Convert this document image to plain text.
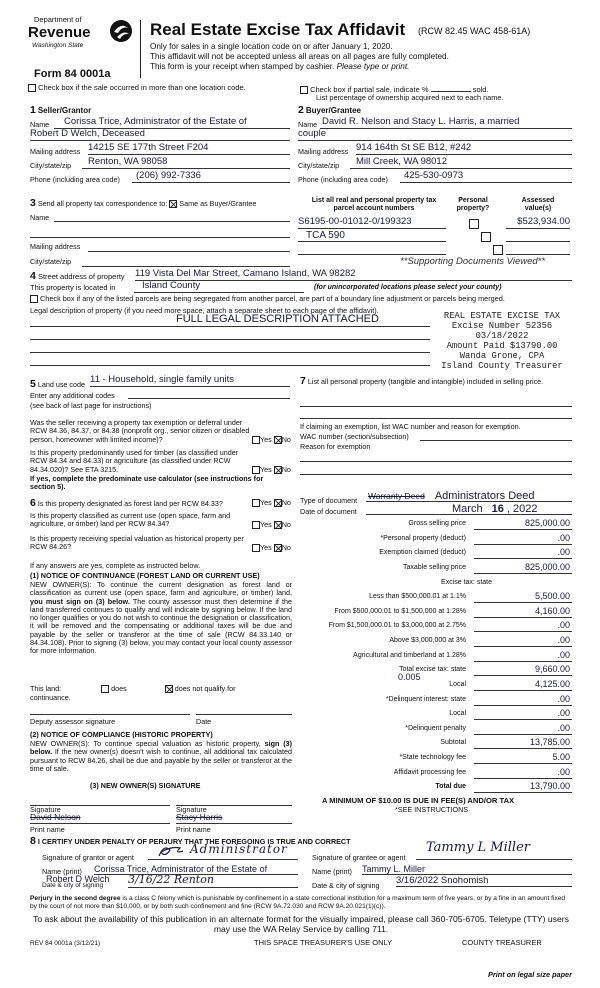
Department of
Revenue
Washington State
Form 84 0001a
Real Estate Excise Tax Affidavit (RCW 82.45 WAC 458-61A)
Only for sales in a single location code on or after January 1, 2020.
This affidavit will not be accepted unless all areas on all pages are fully completed.
This form is your receipt when stamped by cashier. Please type or print.
Check box if the sale occurred in more than one location code.	Check box if partial sale, indicate %	sold.
List percentage of ownership acquired next to each name.
1 Seller/Grantor
Name	Corissa Trice, Administrator of the Estate of
Robert D Welch, Deceased
Mailing address 14215 SE 177th Street F204
City/state/zip	Renton, WA 98058
Phone (including area code)	(206) 992-7336
2 Buyer/Grantee
Name David R. Nelson and Stacy L. Harris, a married
couple
Mailing address 914 164th St SE B12, #242
City/state/zip	Mill Creek, WA 98012
Phone (including area code)	425-530-0973
3 Send all property tax correspondence to: Same as Buyer/Grantee
Name
Mailing address
City/state/zip
List all real and personal property tax parcel account numbers
Personal property?
Assessed value(s)
S6195-00-01012-0/199323
TCA 590

$523,934.00
**Supporting Documents Viewed**
4 Street address of property 119 Vista Del Mar Street, Camano Island, WA 98282
This property is located in	Island County	(for unincorporated locations please select your county)
Check box if any of the listed parcels are being segregated from another parcel, are part of a boundary line adjustment or parcels being merged.
Legal description of property (if you need more space, attach a separate sheet to each page of the affidavit).
FULL LEGAL DESCRIPTION ATTACHED	REAL ESTATE EXCISE TAX
Excise Number 52356
03/18/2022
Amount Paid $13790.00
Wanda Grone, CPA
Island County Treasurer
5 Land use code 11 - Household, single family units
Enter any additional codes
(see back of last page for instructions)
Was the seller receiving a property tax exemption or deferral under RCW 84.36, 84.37, or 84.38 (nonprofit org., senior citizen or disabled person, homeowner with limited income)?	Yes No
Is this property predominantly used for timber (as classified under RCW 84.34 and 84.33) or agriculture (as classified under RCW 84.34.020)? See ETA 3215.	Yes No
If yes, complete the predominate use calculator (see instructions for section 5).
6 Is this property designated as forest land per RCW 84.33?	Yes No
Is this property classified as current use (open space, farm and agriculture, or timber) land per RCW 84.34?	Yes No
Is this property receiving special valuation as historical property per RCW 84.26?	Yes No
If any answers are yes, complete as instructed below.
(1) NOTICE OF CONTINUANCE (FOREST LAND OR CURRENT USE)
NEW OWNER(S): To continue the current designation as forest land or classification as current use (open space, farm and agriculture, or timber) land, you must sign on (3) below. The county assessor must then determine if the land transferred continues to qualify and will indicate by signing below. If the land no longer qualifies or you do not wish to continue the designation or classification, it will be removed and the compensating or additional taxes will be due and payable by the seller or transferor at the time of sale (RCW 84.33.140 or 84.34.108). Prior to signing (3) below, you may contact your local county assessor for more information.
This land:	does	does not qualify for
continuance.
Deputy assessor signature	Date
(2) NOTICE OF COMPLIANCE (HISTORIC PROPERTY)
NEW OWNER(S): To continue special valuation as historic property, sign (3) below. If the new owner(s) doesn't wish to continue, all additional tax calculated pursuant to RCW 84.26, shall be due and payable by the seller or transferor at the time of sale.
(3) NEW OWNER(S) SIGNATURE
Signature	Signature
David Nelson	Stacy Harris
Print name	Print name
7 List all personal property (tangible and intangible) included in selling price.
If claiming an exemption, list WAC number and reason for exemption.
WAC number (section/subsection)
Reason for exemption
Type of document Warranty Deed Administrators Deed
Date of document	March 16 , 2022
Gross selling price	825,000.00
*Personal property (deduct)	.00
Exemption claimed (deduct)	.00
Taxable selling price	825,000.00
Excise tax: state
Less than $500,000.01 at 1.1%	5,500.00
From $500,000.01 to $1,500,000 at 1.28%	4,160.00
From $1,500,000.01 to $3,000,000 at 2.75%	.00
Above $3,000,000 at 3%	.00
Agricultural and timberland at 1.28%	.00
Total excise tax: state	9,660.00
Local	4,125.00
*Delinquent interest: state	.00
Local	.00
*Delinquent penalty	.00
Subtotal	13,785.00
*State technology fee	5.00
Affidavit processing fee	.00
Total due	13,790.00
0.005
A MINIMUM OF $10.00 IS DUE IN FEE(S) AND/OR TAX
*SEE INSTRUCTIONS
8 I CERTIFY UNDER PENALTY OF PERJURY THAT THE FOREGOING IS TRUE AND CORRECT
Signature of grantor or agent
Administrator
Signature of grantee or agent
Tammy L Miller
Name (print) Corissa Trice, Administrator of the Estate of
Robert D Welch
Date & city of signing 3/16/22 Renton
Name (print) Tammy L. Miller
Date & city of signing 3/16/2022 Snohomish
Perjury in the second degree is a class C felony which is punishable by confinement in a state correctional institution for a maximum term of five years, or by a fine in an amount fixed by the court of not more than $10,000, or by both such confinement and fine (RCW 9A.72.030 and RCW 9A.20.021(1)(c)).
To ask about the availability of this publication in an alternate format for the visually impaired, please call 360-705-6705. Teletype (TTY) users may use the WA Relay Service by calling 711.
REV 84 0001a (3/12/21)	THIS SPACE TREASURER'S USE ONLY	COUNTY TREASURER
Print on legal size paper
